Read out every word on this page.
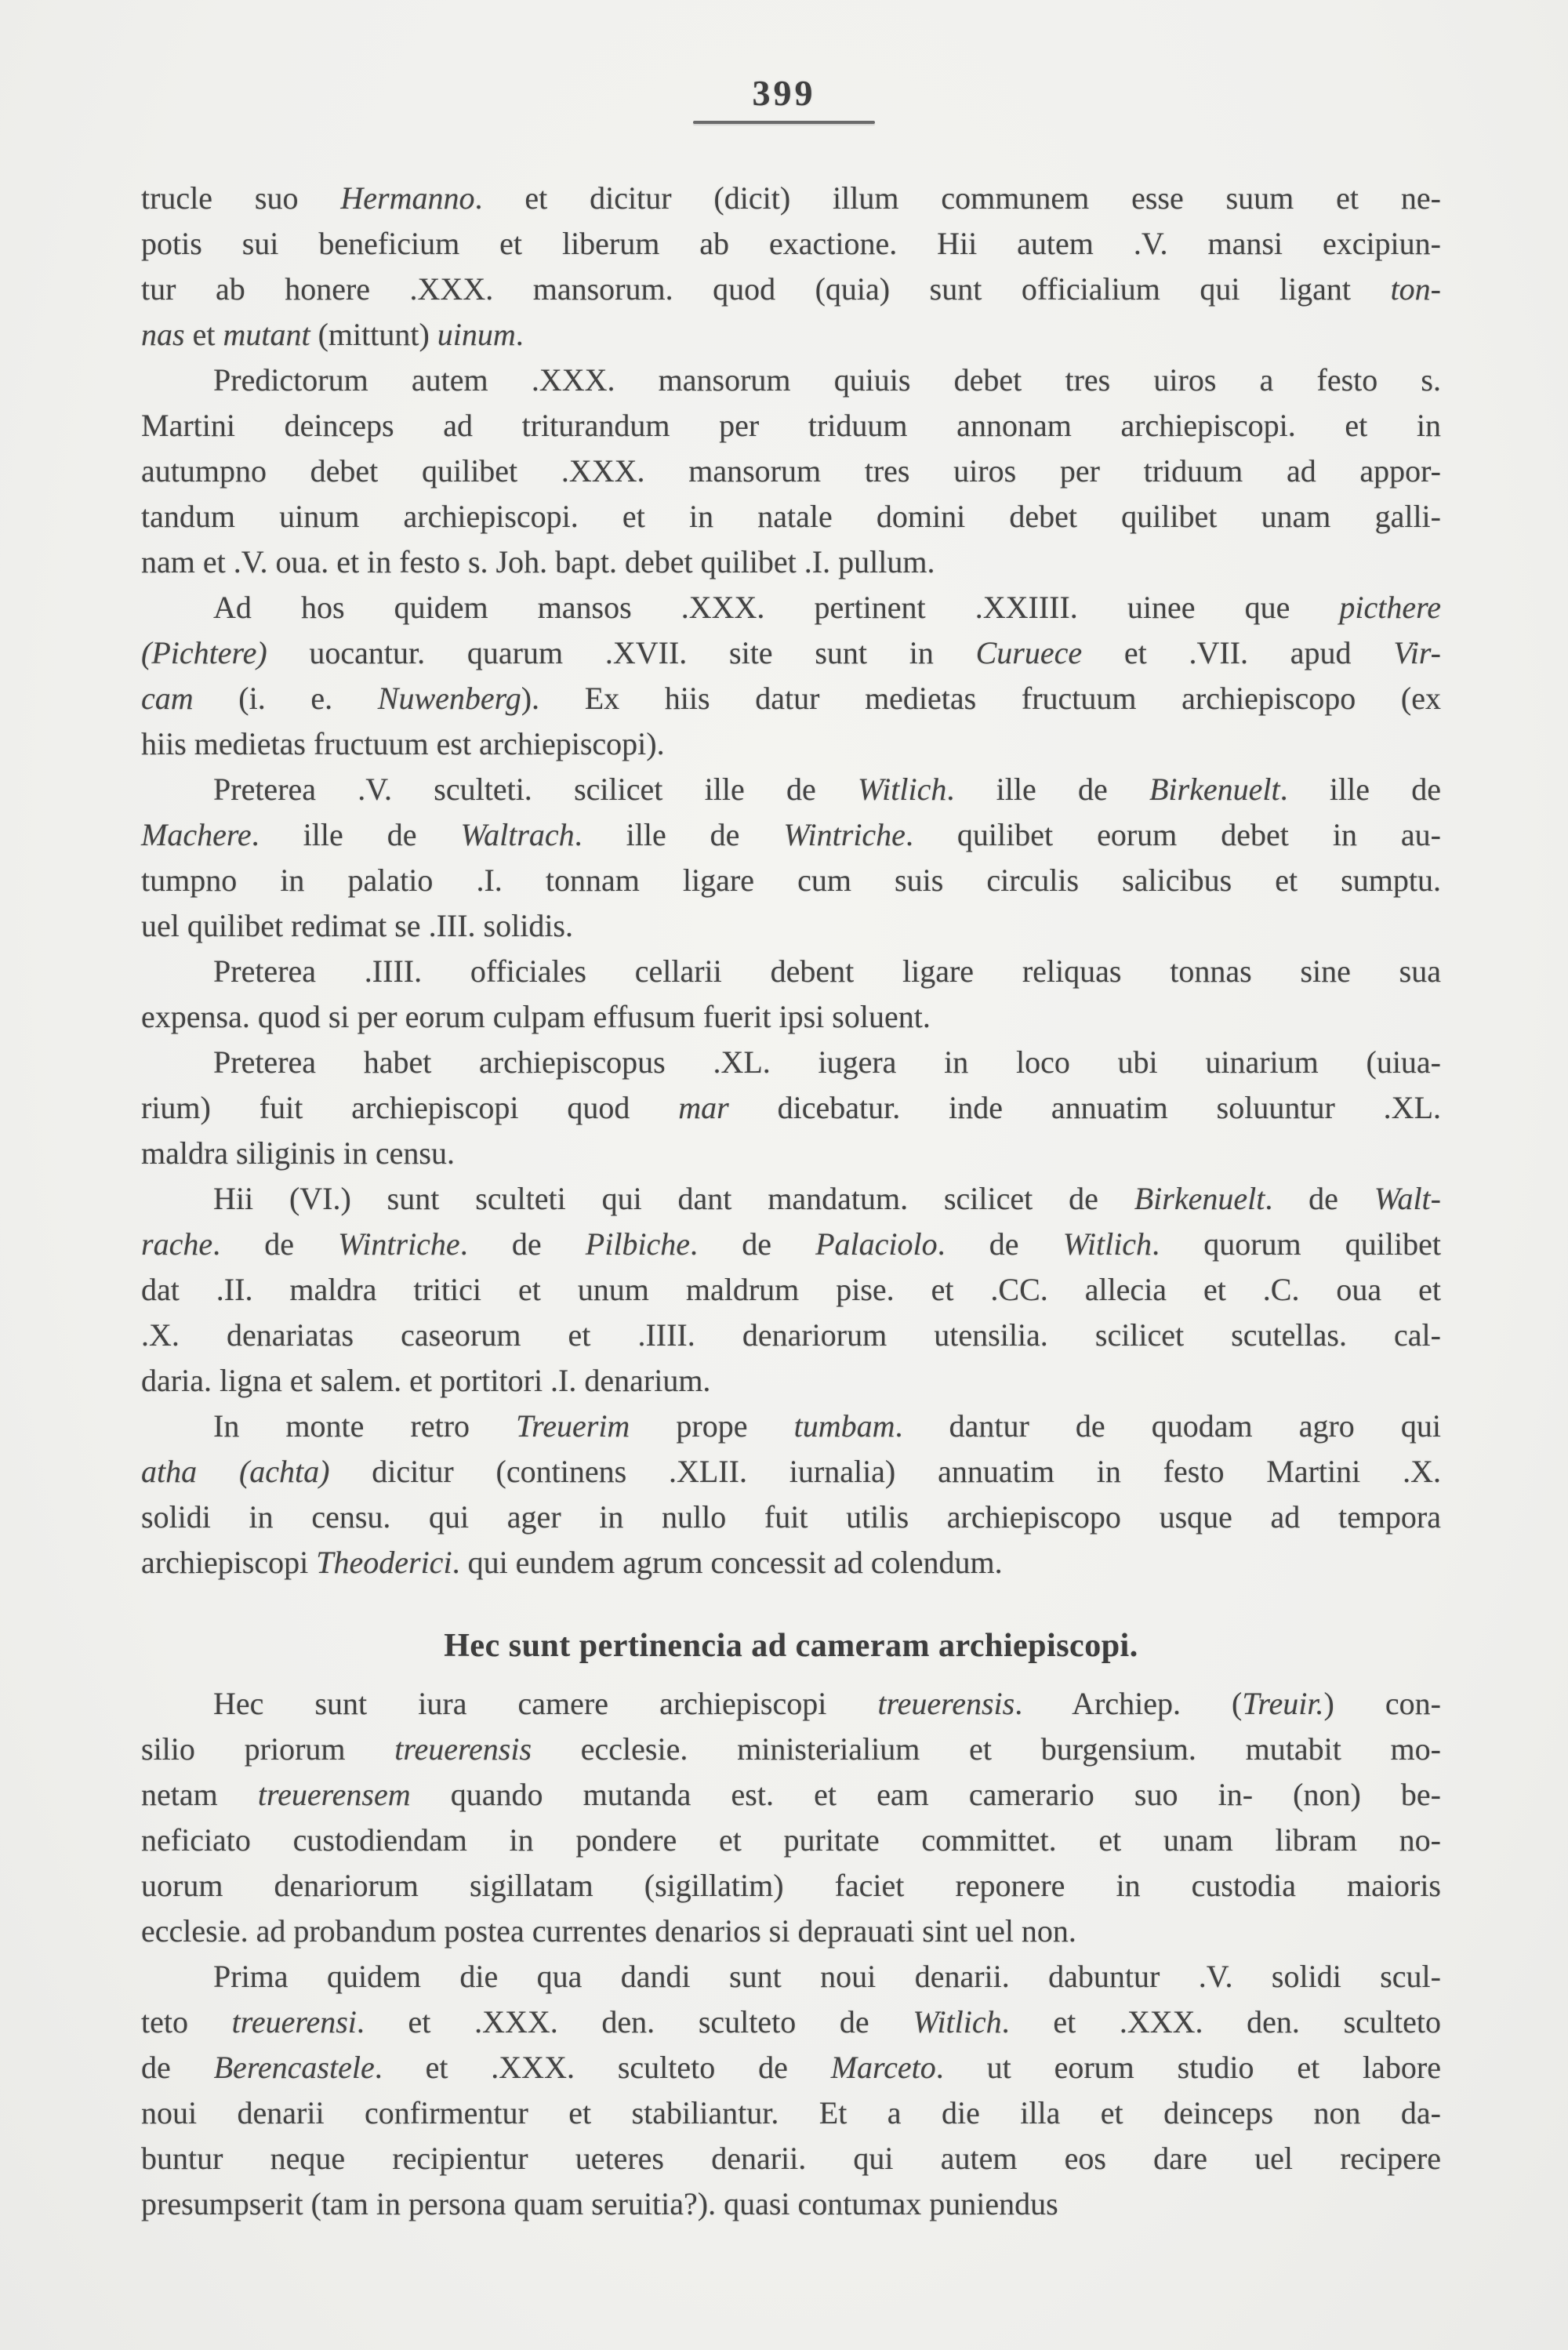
399
trucle suo Hermanno. et dicitur (dicit) illum communem esse suum et ne-
potis sui beneficium et liberum ab exactione. Hii autem .V. mansi excipiun-
tur ab honere .XXX. mansorum. quod (quia) sunt officialium qui ligant ton-
nas et mutant (mittunt) uinum.
Predictorum autem .XXX. mansorum quiuis debet tres uiros a festo s.
Martini deinceps ad triturandum per triduum annonam archiepiscopi. et in
autumpno debet quilibet .XXX. mansorum tres uiros per triduum ad appor-
tandum uinum archiepiscopi. et in natale domini debet quilibet unam galli-
nam et .V. oua. et in festo s. Joh. bapt. debet quilibet .I. pullum.
Ad hos quidem mansos .XXX. pertinent .XXIIII. uinee que picthere
(Pichtere) uocantur. quarum .XVII. site sunt in Curuece et .VII. apud Vir-
cam (i. e. Nuwenberg). Ex hiis datur medietas fructuum archiepiscopo (ex
hiis medietas fructuum est archiepiscopi).
Preterea .V. sculteti. scilicet ille de Witlich. ille de Birkenuelt. ille de
Machere. ille de Waltrach. ille de Wintriche. quilibet eorum debet in au-
tumpno in palatio .I. tonnam ligare cum suis circulis salicibus et sumptu.
uel quilibet redimat se .III. solidis.
Preterea .IIII. officiales cellarii debent ligare reliquas tonnas sine sua
expensa. quod si per eorum culpam effusum fuerit ipsi soluent.
Preterea habet archiepiscopus .XL. iugera in loco ubi uinarium (uiua-
rium) fuit archiepiscopi quod mar dicebatur. inde annuatim soluuntur .XL.
maldra siliginis in censu.
Hii (VI.) sunt sculteti qui dant mandatum. scilicet de Birkenuelt. de Walt-
rache. de Wintriche. de Pilbiche. de Palaciolo. de Witlich. quorum quilibet
dat .II. maldra tritici et unum maldrum pise. et .CC. allecia et .C. oua et
.X. denariatas caseorum et .IIII. denariorum utensilia. scilicet scutellas. cal-
daria. ligna et salem. et portitori .I. denarium.
In monte retro Treuerim prope tumbam. dantur de quodam agro qui
atha (achta) dicitur (continens .XLII. iurnalia) annuatim in festo Martini .X.
solidi in censu. qui ager in nullo fuit utilis archiepiscopo usque ad tempora
archiepiscopi Theoderici. qui eundem agrum concessit ad colendum.
Hec sunt pertinencia ad cameram archiepiscopi.
Hec sunt iura camere archiepiscopi treuerensis. Archiep. (Treuir.) con-
silio priorum treuerensis ecclesie. ministerialium et burgensium. mutabit mo-
netam treuerensem quando mutanda est. et eam camerario suo in- (non) be-
neficiato custodiendam in pondere et puritate committet. et unam libram no-
uorum denariorum sigillatam (sigillatim) faciet reponere in custodia maioris
ecclesie. ad probandum postea currentes denarios si deprauati sint uel non.
Prima quidem die qua dandi sunt noui denarii. dabuntur .V. solidi scul-
teto treuerensi. et .XXX. den. sculteto de Witlich. et .XXX. den. sculteto
de Berencastele. et .XXX. sculteto de Marceto. ut eorum studio et labore
noui denarii confirmentur et stabiliantur. Et a die illa et deinceps non da-
buntur neque recipientur ueteres denarii. qui autem eos dare uel recipere
presumpserit (tam in persona quam seruitia?). quasi contumax puniendus
